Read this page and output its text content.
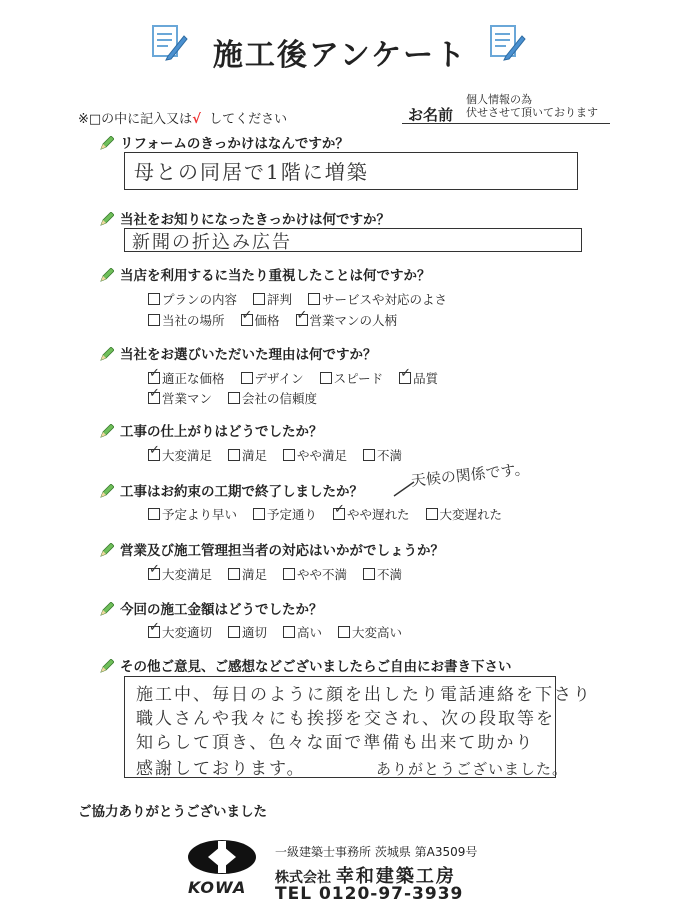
施工後アンケート
※□の中に記入又は√ してください	お名前
個人情報の為
伏せさせて頂いております
リフォームのきっかけはなんですか？
母との同居で1階に増築
当社をお知りになったきっかけは何ですか？
新聞の折込み広告
当店を利用するに当たり重視したことは何ですか？
プランの内容 評判 サービスや対応のよさ
当社の場所 ✓ 価格 ✓ 営業マンの人柄
当社をお選びいただいた理由は何ですか？
✓適正な価格 デザイン スピード ✓ 品質
✓営業マン 会社の信頼度
工事の仕上がりはどうでしたか？
✓大変満足 満足 やや満足 不満
工事はお約束の工期で終了しましたか？
天候の関係です。
予定より早い 予定通り ✓ やや遅れた 大変遅れた
営業及び施工管理担当者の対応はいかがでしょうか？
✓大変満足 満足 やや不満 不満
今回の施工金額はどうでしたか？
✓大変適切 適切 高い 大変高い
その他ご意見、ご感想などございましたらご自由にお書き下さい
施工中、毎日のように顔を出したり電話連絡を下さり
職人さんや我々にも挨拶を交され、次の段取等を
知らして頂き、色々な面で準備も出来て助かり
感謝しております。	ありがとうございました。
ご協力ありがとうございました
KOWA
一級建築士事務所 茨城県 第A3509号
株式会社 幸和建築工房
TEL 0120-97-3939
